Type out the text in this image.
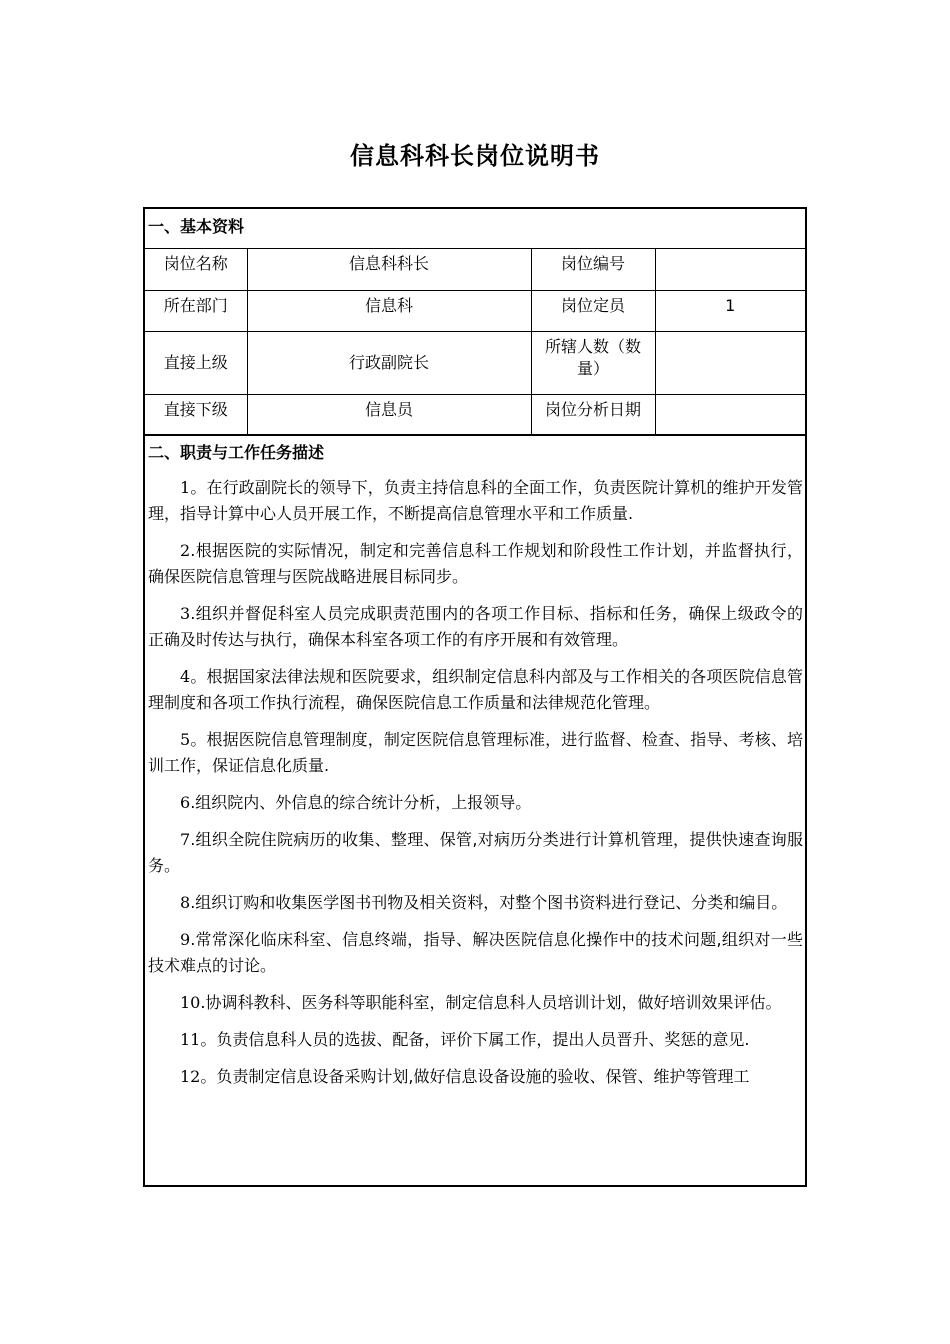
信息科科长岗位说明书
一、基本资料
岗位名称	信息科科长	岗位编号	
所在部门	信息科	岗位定员	1
直接上级	行政副院长	所辖人数（数量）	
直接下级	信息员	岗位分析日期	
二、职责与工作任务描述

1。在行政副院长的领导下，负责主持信息科的全面工作，负责医院计算机的维护开发管理，指导计算中心人员开展工作，不断提高信息管理水平和工作质量.

2.根据医院的实际情况，制定和完善信息科工作规划和阶段性工作计划，并监督执行，确保医院信息管理与医院战略进展目标同步。

3.组织并督促科室人员完成职责范围内的各项工作目标、指标和任务，确保上级政令的正确及时传达与执行，确保本科室各项工作的有序开展和有效管理。

4。根据国家法律法规和医院要求，组织制定信息科内部及与工作相关的各项医院信息管理制度和各项工作执行流程，确保医院信息工作质量和法律规范化管理。

5。根据医院信息管理制度，制定医院信息管理标准，进行监督、检查、指导、考核、培训工作，保证信息化质量.

6.组织院内、外信息的综合统计分析，上报领导。

7.组织全院住院病历的收集、整理、保管,对病历分类进行计算机管理，提供快速查询服务。

8.组织订购和收集医学图书刊物及相关资料，对整个图书资料进行登记、分类和编目。

9.常常深化临床科室、信息终端，指导、解决医院信息化操作中的技术问题,组织对一些技术难点的讨论。

10.协调科教科、医务科等职能科室，制定信息科人员培训计划，做好培训效果评估。

11。负责信息科人员的选拔、配备，评价下属工作，提出人员晋升、奖惩的意见.

12。负责制定信息设备采购计划,做好信息设备设施的验收、保管、维护等管理工
